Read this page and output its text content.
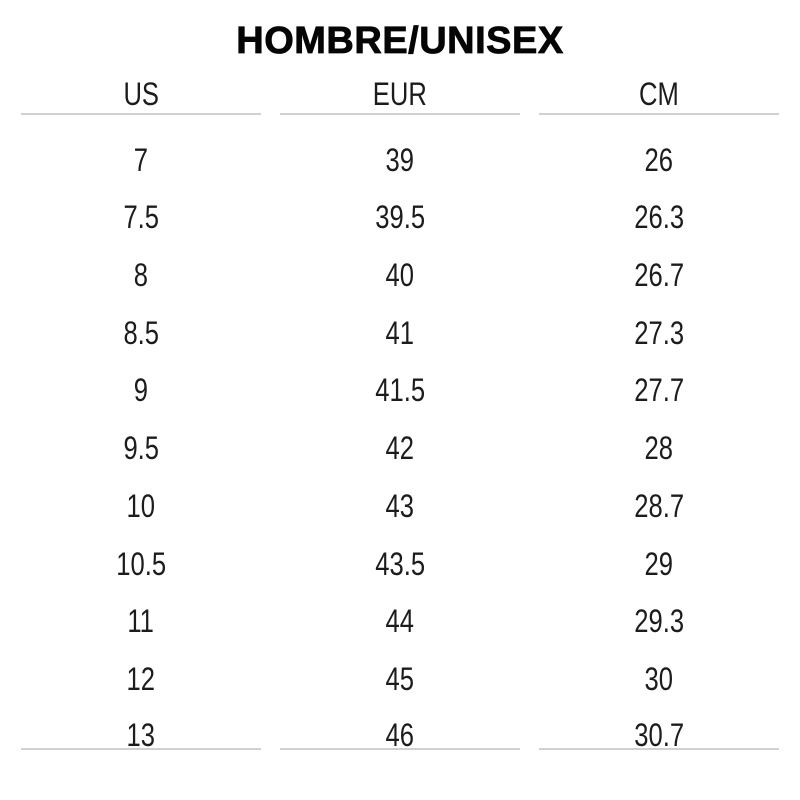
HOMBRE/UNISEX
US	EUR	CM
7	39	26
7.5	39.5	26.3
8	40	26.7
8.5	41	27.3
9	41.5	27.7
9.5	42	28
10	43	28.7
10.5	43.5	29
11	44	29.3
12	45	30
13	46	30.7
